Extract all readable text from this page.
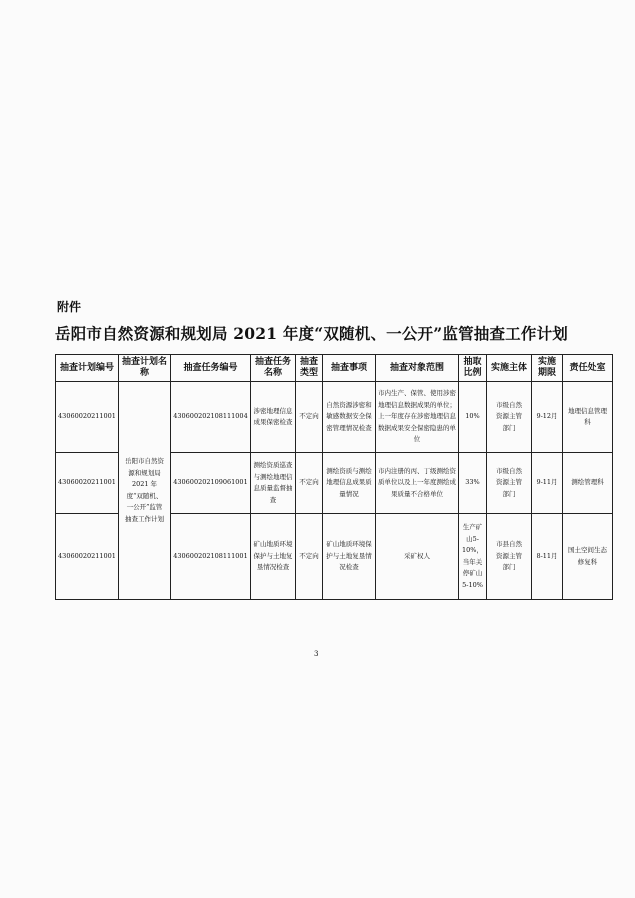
附件
岳阳市自然资源和规划局 2021 年度“双随机、一公开”监管抽查工作计划
抽查计划编号	抽查计划名称	抽查任务编号	抽查任务名称	抽查类型	抽查事项	抽查对象范围	抽取比例	实施主体	实施期限	责任处室
43060020211001	岳阳市自然资源和规划局2021 年度“双随机、一公开”监管抽查工作计划	430600202108111004	涉密地理信息成果保密检查	不定向	自然资源涉密和敏感数据安全保密管理情况检查	市内生产、保管、使用涉密地理信息数据成果的单位；上一年度存在涉密地理信息数据成果安全保密隐患的单位	10%	市级自然资源主管部门	9-12月	地理信息管理科
43060020211001		430600202109061001	测绘资质巡查与测绘地理信息质量监督抽查	不定向	测绘资质与测绘地理信息成果质量情况	市内注册的丙、丁级测绘资质单位以及上一年度测绘成果质量不合格单位	33%	市级自然资源主管部门	9-11月	测绘管理科
43060020211001		430600202108111001	矿山地质环境保护与土地复垦情况检查	不定向	矿山地质环境保护与土地复垦情况检查	采矿权人	生产矿山5-10%，当年关停矿山5-10%	市县自然资源主管部门	8-11月	国土空间生态修复科
3
